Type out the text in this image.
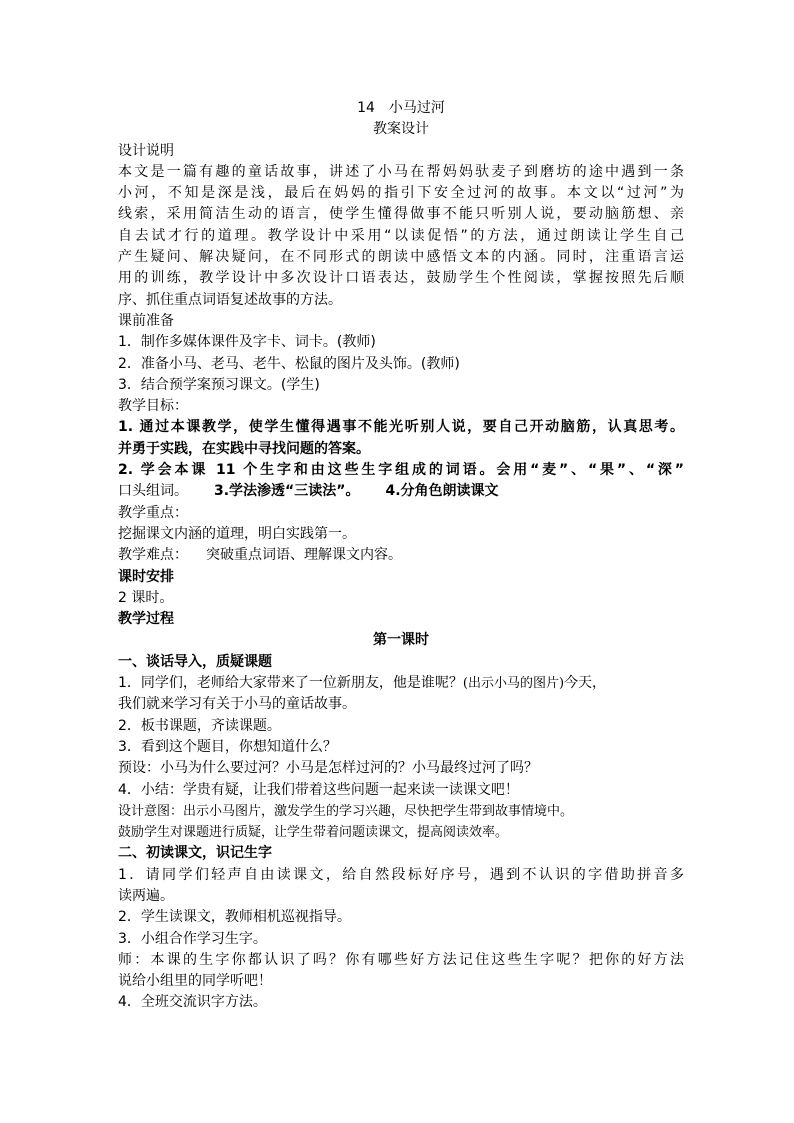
14　小马过河
教案设计
设计说明
本文是一篇有趣的童话故事，讲述了小马在帮妈妈驮麦子到磨坊的途中遇到一条
小河，不知是深是浅，最后在妈妈的指引下安全过河的故事。本文以“过河”为
线索，采用简洁生动的语言，使学生懂得做事不能只听别人说，要动脑筋想、亲
自去试才行的道理。教学设计中采用“以读促悟”的方法，通过朗读让学生自己
产生疑问、解决疑问，在不同形式的朗读中感悟文本的内涵。同时，注重语言运
用的训练，教学设计中多次设计口语表达，鼓励学生个性阅读，掌握按照先后顺
序、抓住重点词语复述故事的方法。
课前准备
1．制作多媒体课件及字卡、词卡。(教师)
2．准备小马、老马、老牛、松鼠的图片及头饰。(教师)
3．结合预学案预习课文。(学生)
教学目标：
1. 通过本课教学，使学生懂得遇事不能光听别人说，要自己开动脑筋，认真思考。
并勇于实践，在实践中寻找问题的答案。
2. 学会本课 11 个生字和由这些生字组成的词语。会用“麦”、“果”、“深”
口头组词。 3.学法渗透“三读法”。 4.分角色朗读课文
教学重点：
挖掘课文内涵的道理，明白实践第一。
教学难点： 突破重点词语、理解课文内容。
课时安排
2 课时。
教学过程
第一课时
一、谈话导入，质疑课题
1．同学们，老师给大家带来了一位新朋友，他是谁呢？(出示小马的图片)今天，
我们就来学习有关于小马的童话故事。
2．板书课题，齐读课题。
3．看到这个题目，你想知道什么？
预设：小马为什么要过河？小马是怎样过河的？小马最终过河了吗？
4．小结：学贵有疑，让我们带着这些问题一起来读一读课文吧！
设计意图：出示小马图片，激发学生的学习兴趣，尽快把学生带到故事情境中。
鼓励学生对课题进行质疑，让学生带着问题读课文，提高阅读效率。
二、初读课文，识记生字
1．请同学们轻声自由读课文，给自然段标好序号，遇到不认识的字借助拼音多
读两遍。
2．学生读课文，教师相机巡视指导。
3．小组合作学习生字。
师：本课的生字你都认识了吗？你有哪些好方法记住这些生字呢？把你的好方法
说给小组里的同学听吧！
4．全班交流识字方法。
